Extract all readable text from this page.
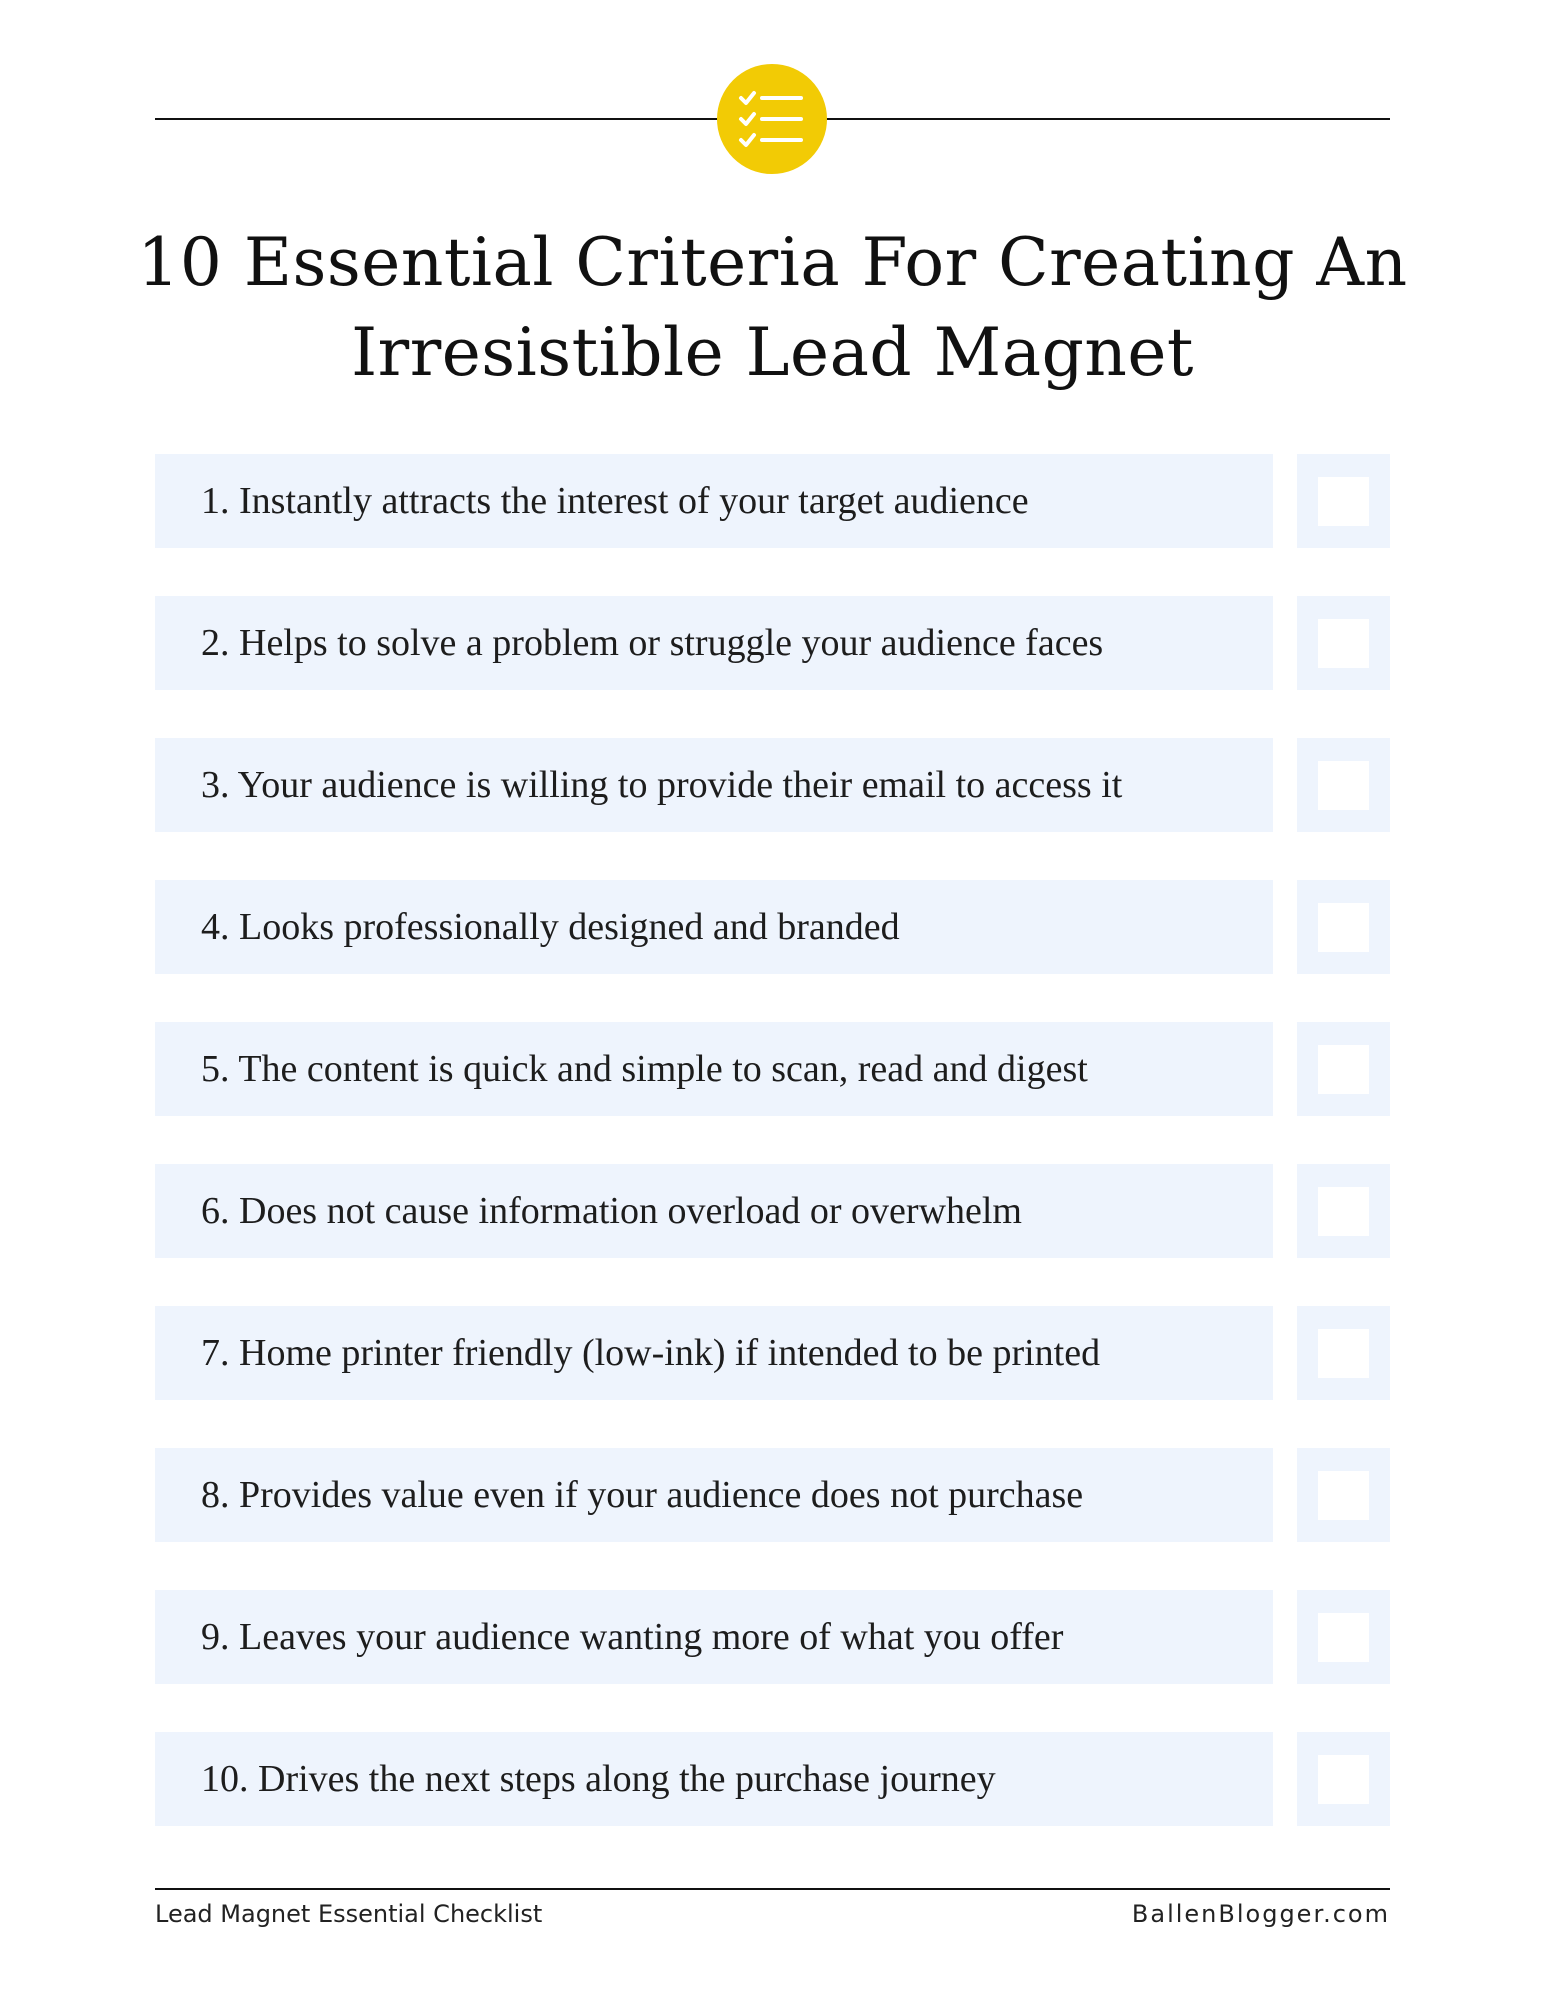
10 Essential Criteria For Creating An
Irresistible Lead Magnet
1. Instantly attracts the interest of your target audience
2. Helps to solve a problem or struggle your audience faces
3. Your audience is willing to provide their email to access it
4. Looks professionally designed and branded
5. The content is quick and simple to scan, read and digest
6. Does not cause information overload or overwhelm
7. Home printer friendly (low-ink) if intended to be printed
8. Provides value even if your audience does not purchase
9. Leaves your audience wanting more of what you offer
10. Drives the next steps along the purchase journey
Lead Magnet Essential Checklist	BallenBlogger.com
